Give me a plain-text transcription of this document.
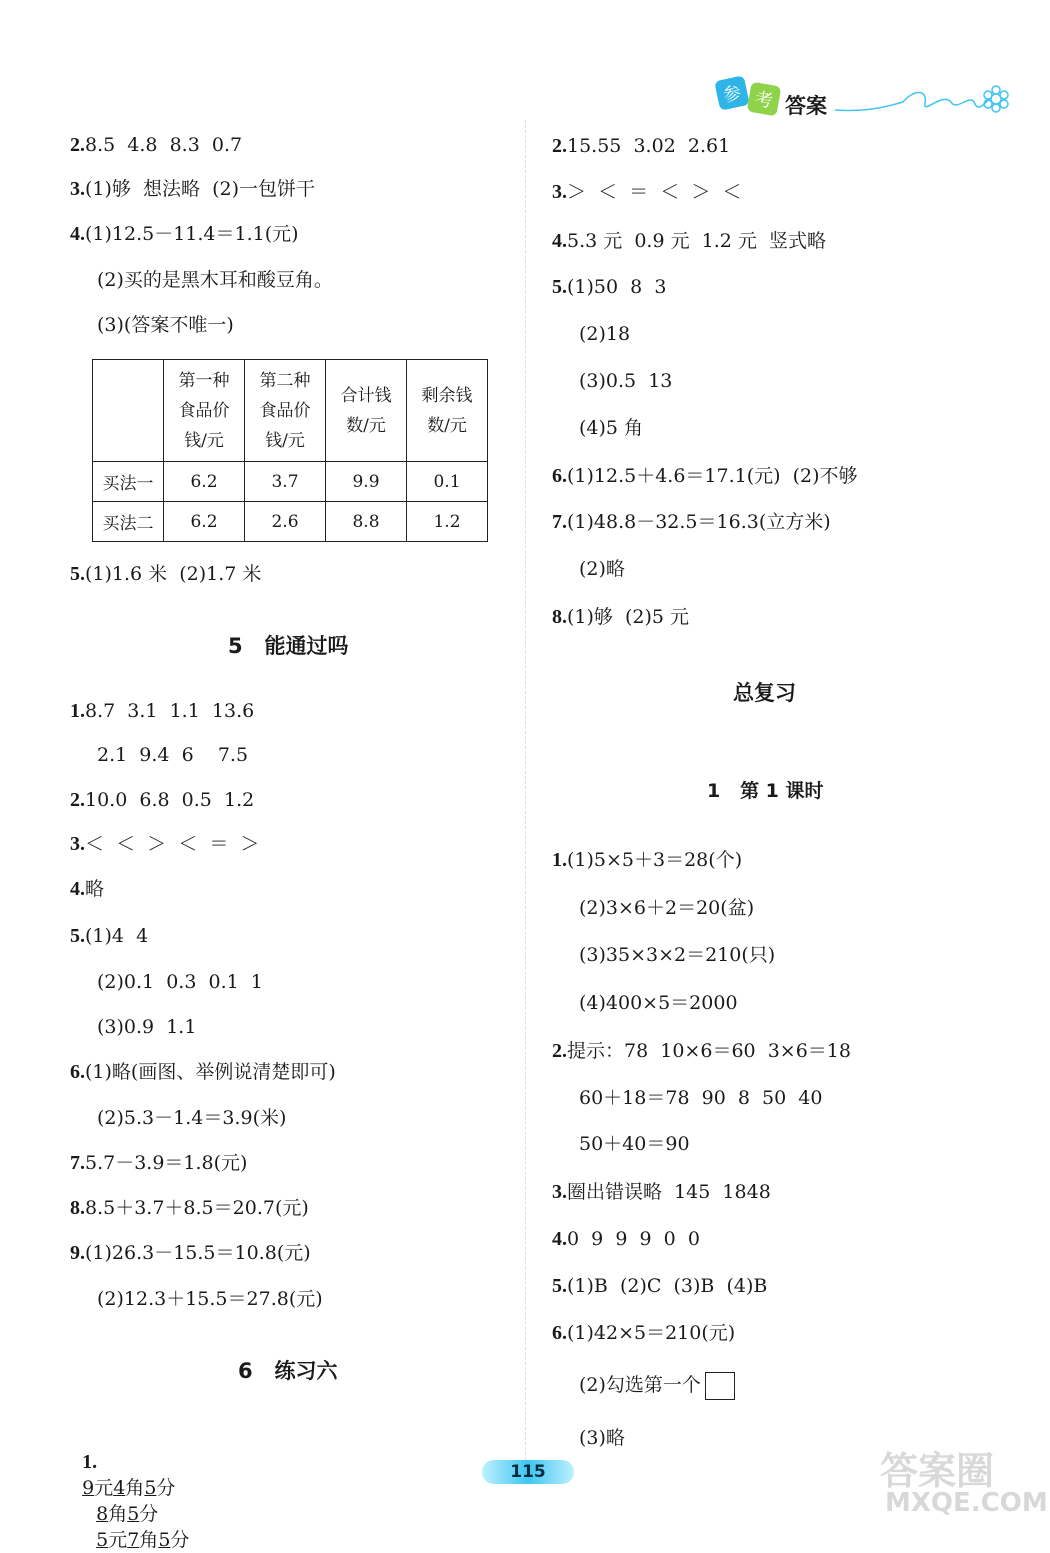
参 考 答案
2.8.5  4.8  8.3  0.7
3.(1)够  想法略  (2)一包饼干
4.(1)12.5－11.4＝1.1(元)
(2)买的是黑木耳和酸豆角。
(3)(答案不唯一)

	第一种
食品价
钱/元	第二种
食品价
钱/元	合计钱
数/元	剩余钱
数/元

买法一	6.2	3.7	9.9	0.1
买法二	6.2	2.6	8.8	1.2
5.(1)1.6 米  (2)1.7 米
5   能通过吗
1.8.7  3.1  1.1  13.6
2.1  9.4  6    7.5
2.10.0  6.8  0.5  1.2
3.＜  ＜  ＞  ＜  ＝  ＞
4.略
5.(1)4  4
(2)0.1  0.3  0.1  1
(3)0.9  1.1
6.(1)略(画图、举例说清楚即可)
(2)5.3－1.4＝3.9(米)
7.5.7－3.9＝1.8(元)
8.8.5＋3.7＋8.5＝20.7(元)
9.(1)26.3－15.5＝10.8(元)
(2)12.3＋15.5＝27.8(元)
6   练习六

1.
9元4角5分
8角5分
5元7角5分

2.15.55  3.02  2.61
3.＞  ＜  ＝  ＜  ＞  ＜
4.5.3 元  0.9 元  1.2 元  竖式略
5.(1)50  8  3
(2)18
(3)0.5  13
(4)5 角
6.(1)12.5＋4.6＝17.1(元)  (2)不够
7.(1)48.8－32.5＝16.3(立方米)
(2)略
8.(1)够  (2)5 元
总复习
1   第 1 课时
1.(1)5×5＋3＝28(个)
(2)3×6＋2＝20(盆)
(3)35×3×2＝210(只)
(4)400×5＝2000
2.提示：78  10×6＝60  3×6＝18
60＋18＝78  90  8  50  40
50＋40＝90
3.圈出错误略  145  1848
4.0  9  9  9  0  0
5.(1)B  (2)C  (3)B  (4)B
6.(1)42×5＝210(元)
(2)勾选第一个
(3)略
115	答案圈
MXQE.COM
